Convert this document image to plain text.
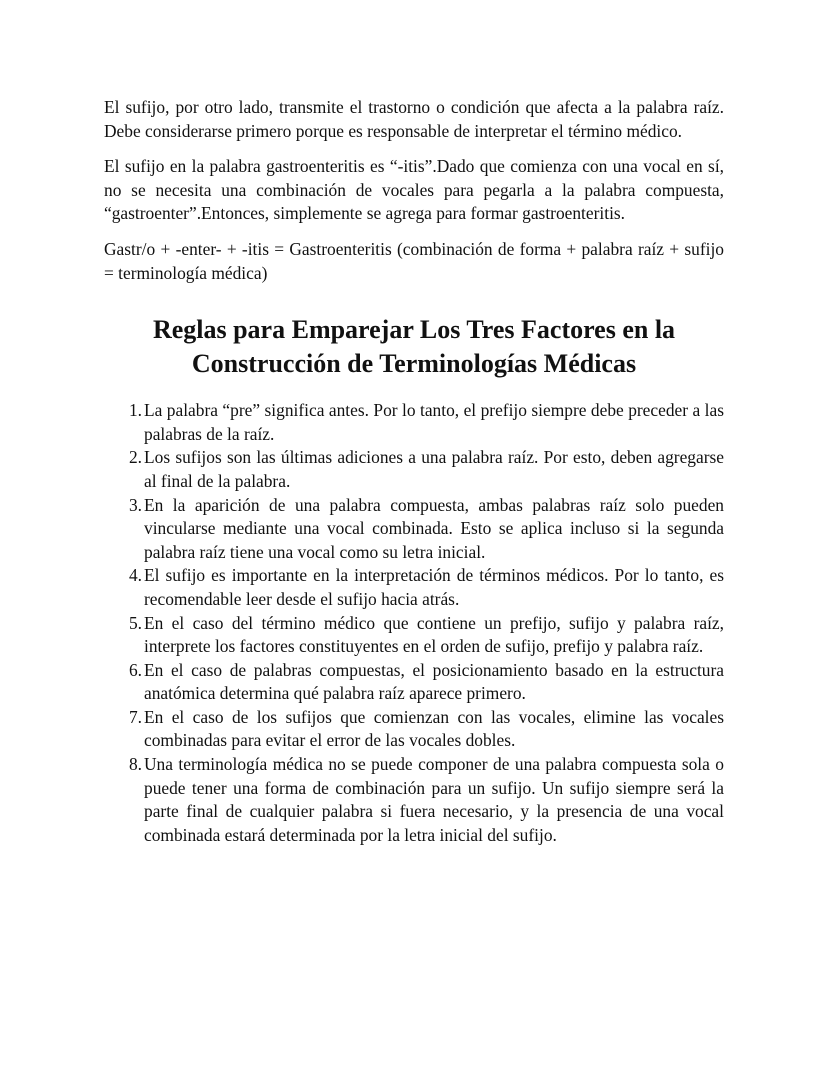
El sufijo, por otro lado, transmite el trastorno o condición que afecta a la palabra raíz. Debe considerarse primero porque es responsable de interpretar el término médico.

El sufijo en la palabra gastroenteritis es “-itis”.Dado que comienza con una vocal en sí, no se necesita una combinación de vocales para pegarla a la palabra compuesta, “gastroenter”.Entonces, simplemente se agrega para formar gastroenteritis.

Gastr/o + -enter- + -itis = Gastroenteritis (combinación de forma + palabra raíz + sufijo = terminología médica)

Reglas para Emparejar Los Tres Factores en la
Construcción de Terminologías Médicas
1. La palabra “pre” significa antes. Por lo tanto, el prefijo siempre debe preceder a las palabras de la raíz.
2. Los sufijos son las últimas adiciones a una palabra raíz. Por esto, deben agregarse al final de la palabra.
3. En la aparición de una palabra compuesta, ambas palabras raíz solo pueden vincularse mediante una vocal combinada. Esto se aplica incluso si la segunda palabra raíz tiene una vocal como su letra inicial.
4. El sufijo es importante en la interpretación de términos médicos. Por lo tanto, es recomendable leer desde el sufijo hacia atrás.
5. En el caso del término médico que contiene un prefijo, sufijo y palabra raíz, interprete los factores constituyentes en el orden de sufijo, prefijo y palabra raíz.
6. En el caso de palabras compuestas, el posicionamiento basado en la estructura anatómica determina qué palabra raíz aparece primero.
7. En el caso de los sufijos que comienzan con las vocales, elimine las vocales combinadas para evitar el error de las vocales dobles.
8. Una terminología médica no se puede componer de una palabra compuesta sola o puede tener una forma de combinación para un sufijo. Un sufijo siempre será la parte final de cualquier palabra si fuera necesario, y la presencia de una vocal combinada estará determinada por la letra inicial del sufijo.
